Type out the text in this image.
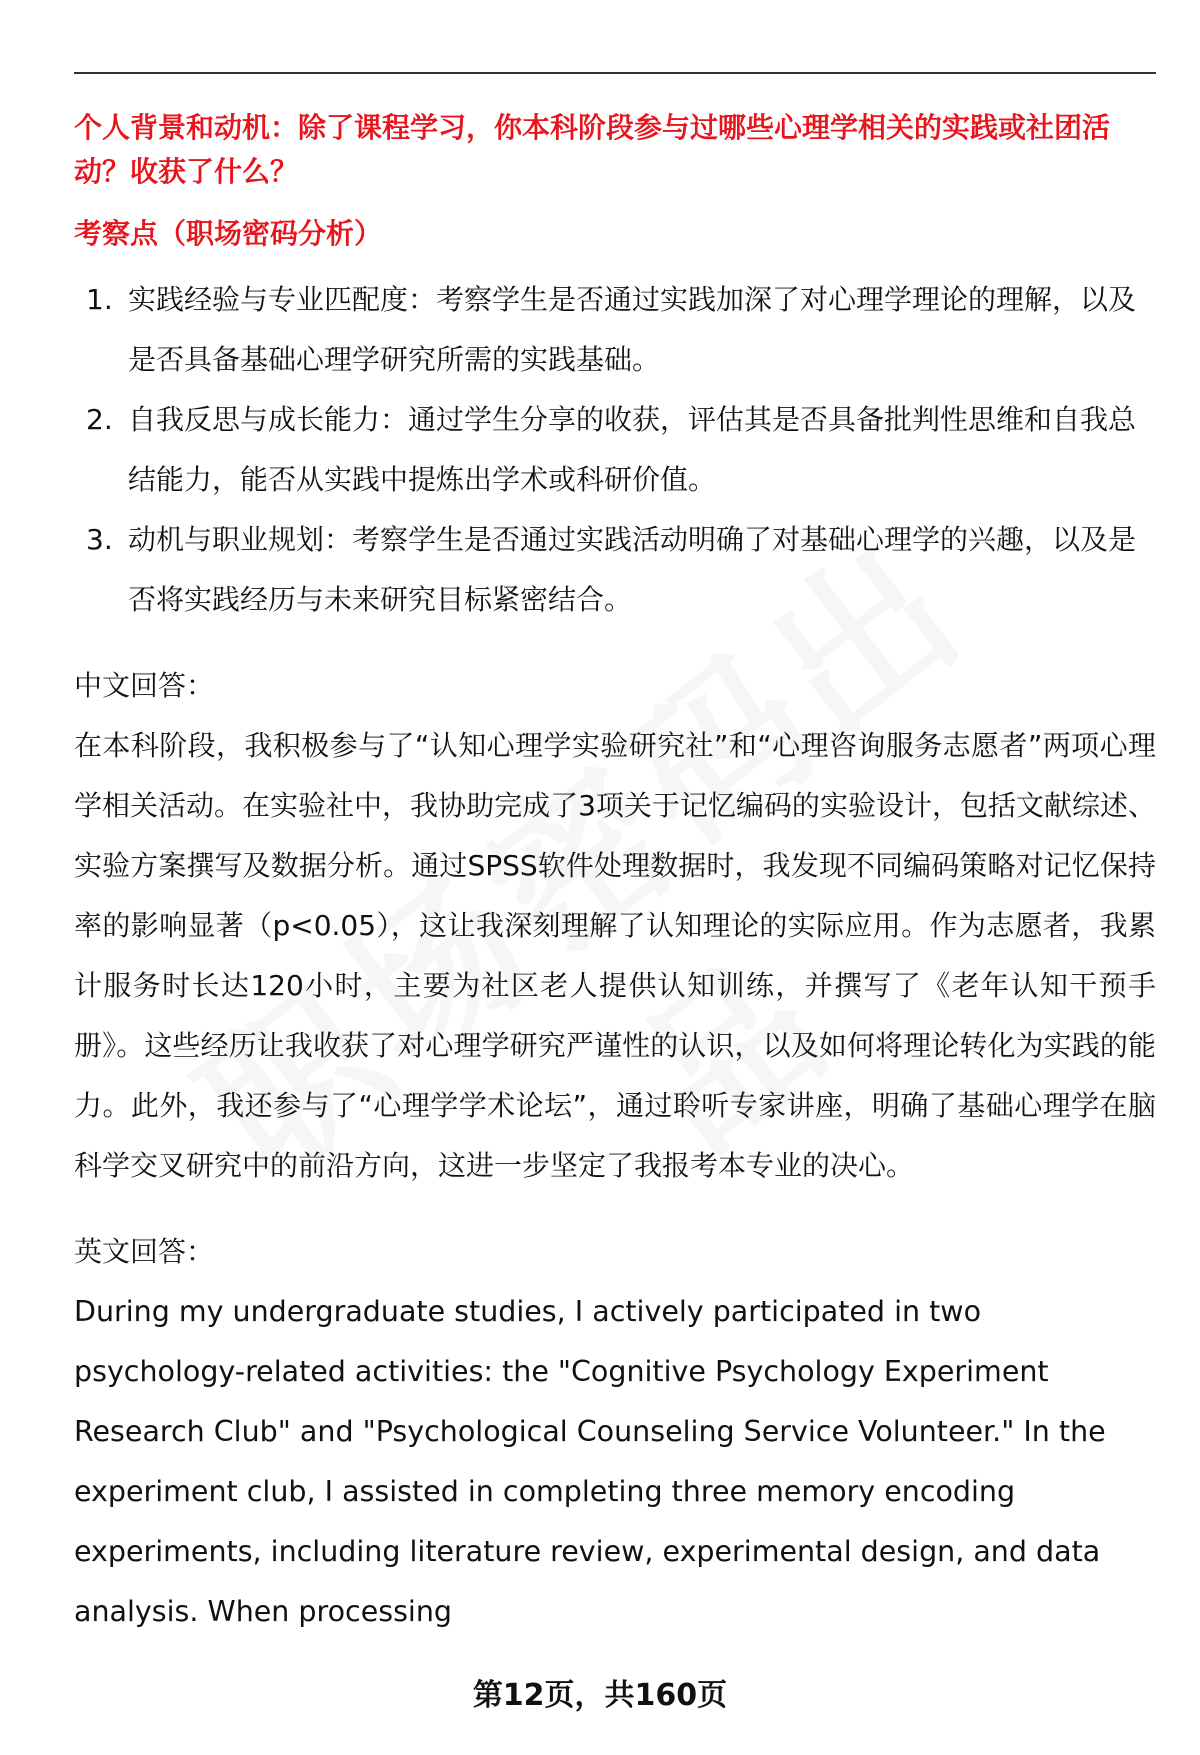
个人背景和动机：除了课程学习，你本科阶段参与过哪些心理学相关的实践或社团活动？收获了什么？
考察点（职场密码分析）
1. 实践经验与专业匹配度：考察学生是否通过实践加深了对心理学理论的理解，以及是否具备基础心理学研究所需的实践基础。
2. 自我反思与成长能力：通过学生分享的收获，评估其是否具备批判性思维和自我总结能力，能否从实践中提炼出学术或科研价值。
3. 动机与职业规划：考察学生是否通过实践活动明确了对基础心理学的兴趣，以及是否将实践经历与未来研究目标紧密结合。
中文回答：
在本科阶段，我积极参与了“认知心理学实验研究社”和“心理咨询服务志愿者”两项心理学相关活动。在实验社中，我协助完成了3项关于记忆编码的实验设计，包括文献综述、实验方案撰写及数据分析。通过SPSS软件处理数据时，我发现不同编码策略对记忆保持率的影响显著（p<0.05），这让我深刻理解了认知理论的实际应用。作为志愿者，我累计服务时长达120小时，主要为社区老人提供认知训练，并撰写了《老年认知干预手册》。这些经历让我收获了对心理学研究严谨性的认识，以及如何将理论转化为实践的能力。此外，我还参与了“心理学学术论坛”，通过聆听专家讲座，明确了基础心理学在脑科学交叉研究中的前沿方向，这进一步坚定了我报考本专业的决心。
英文回答：
During my undergraduate studies, I actively participated in two psychology-related activities: the "Cognitive Psychology Experiment Research Club" and "Psychological Counseling Service Volunteer." In the experiment club, I assisted in completing three memory encoding experiments, including literature review, experimental design, and data analysis. When processing
第12页，共160页
